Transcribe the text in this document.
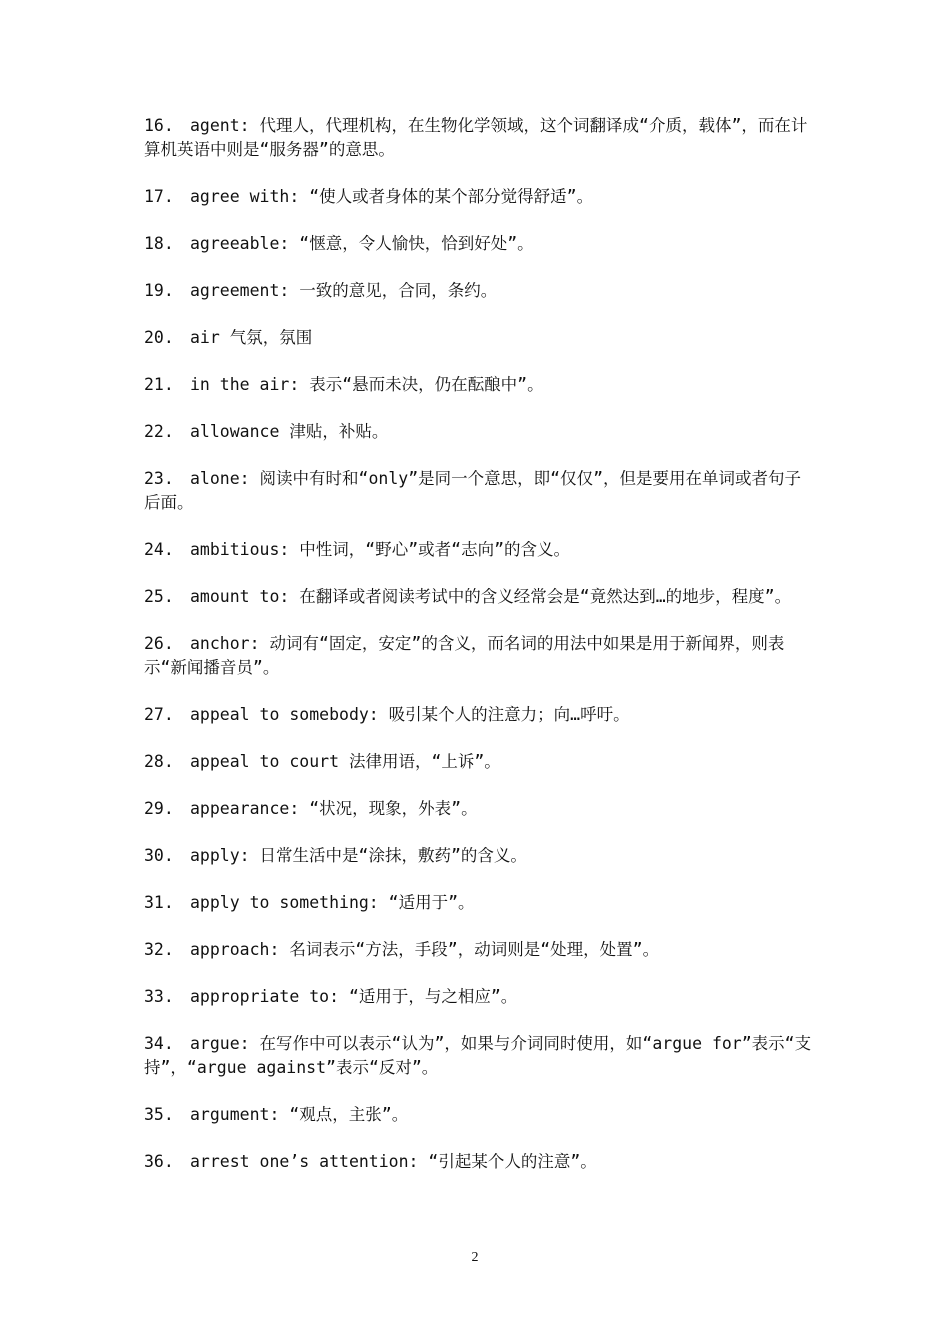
16. agent: 代理人，代理机构，在生物化学领域，这个词翻译成“介质，载体”，而在计算机英语中则是“服务器”的意思。
17. agree with: “使人或者身体的某个部分觉得舒适”。
18. agreeable: “惬意，令人愉快，恰到好处”。
19. agreement: 一致的意见，合同，条约。
20. air 气氛，氛围
21. in the air: 表示“悬而未决，仍在酝酿中”。
22. allowance 津贴，补贴。
23. alone: 阅读中有时和“only”是同一个意思，即“仅仅”，但是要用在单词或者句子后面。
24. ambitious: 中性词，“野心”或者“志向”的含义。
25. amount to: 在翻译或者阅读考试中的含义经常会是“竟然达到…的地步，程度”。
26. anchor: 动词有“固定，安定”的含义，而名词的用法中如果是用于新闻界，则表示“新闻播音员”。
27. appeal to somebody: 吸引某个人的注意力；向…呼吁。
28. appeal to court 法律用语，“上诉”。
29. appearance: “状况，现象，外表”。
30. apply: 日常生活中是“涂抹，敷药”的含义。
31. apply to something: “适用于”。
32. approach: 名词表示“方法，手段”，动词则是“处理，处置”。
33. appropriate to: “适用于，与之相应”。
34. argue: 在写作中可以表示“认为”，如果与介词同时使用，如“argue for”表示“支持”，“argue against”表示“反对”。
35. argument: “观点，主张”。
36. arrest one’s attention: “引起某个人的注意”。
2
